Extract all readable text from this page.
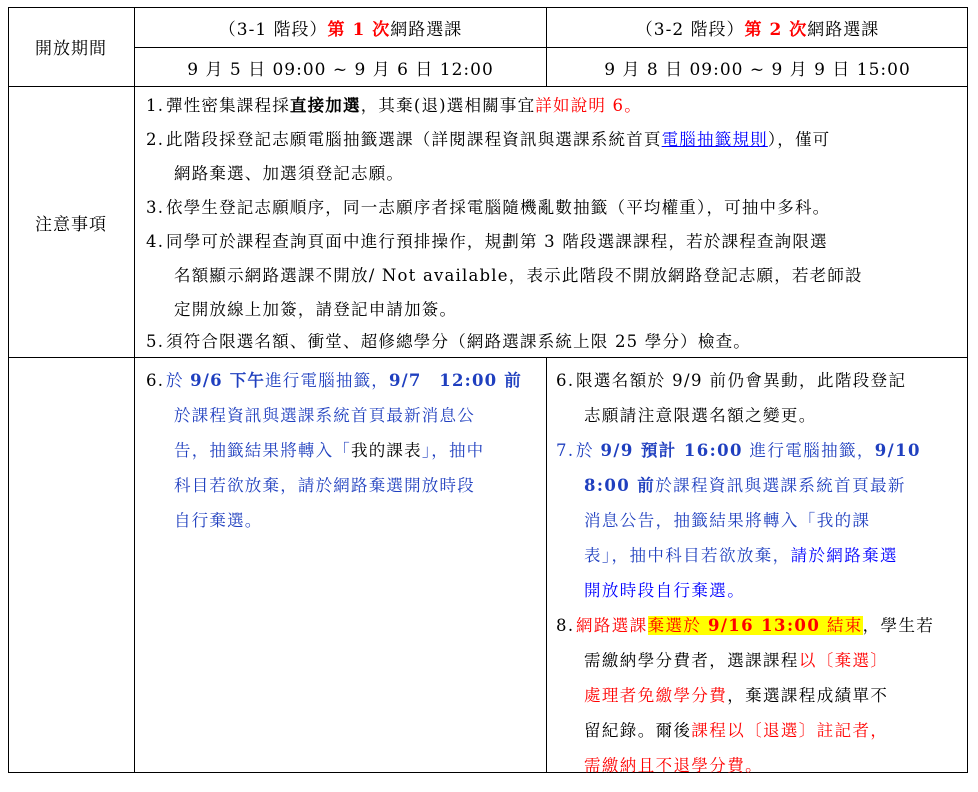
開放期間
（3-1 階段） 第 1 次 網路選課	（3-2 階段） 第 2 次 網路選課
9 月 5 日 09:00 ~ 9 月 6 日 12:00	9 月 8 日 09:00 ~ 9 月 9 日 15:00
注意事項
1. 彈性密集課程採直接加選，其棄(退)選相關事宜詳如說明 6。
2. 此階段採登記志願電腦抽籤選課（詳閱課程資訊與選課系統首頁電腦抽籤規則），僅可
網路棄選、加選須登記志願。
3. 依學生登記志願順序，同一志願序者採電腦隨機亂數抽籤（平均權重），可抽中多科。
4. 同學可於課程查詢頁面中進行預排操作，規劃第 3 階段選課課程，若於課程查詢限選
名額顯示網路選課不開放/ Not available，表示此階段不開放網路登記志願，若老師設
定開放線上加簽，請登記申請加簽。
5. 須符合限選名額、衝堂、超修總學分（網路選課系統上限 25 學分）檢查。
6. 於 9/6 下午進行電腦抽籤，9/7　12:00 前
於課程資訊與選課系統首頁最新消息公
告，抽籤結果將轉入「我的課表」，抽中
科目若欲放棄，請於網路棄選開放時段
自行棄選。
6.限選名額於 9/9 前仍會異動，此階段登記
志願請注意限選名額之變更。
7.於 9/9 預計 16:00 進行電腦抽籤，9/10
8:00 前於課程資訊與選課系統首頁最新
消息公告，抽籤結果將轉入「我的課
表」，抽中科目若欲放棄，請於網路棄選
開放時段自行棄選。
8.網路選課棄選於 9/16 13:00 結束，學生若
需繳納學分費者，選課課程以〔棄選〕
處理者免繳學分費，棄選課程成績單不
留紀錄。爾後課程以〔退選〕註記者，
需繳納且不退學分費。
